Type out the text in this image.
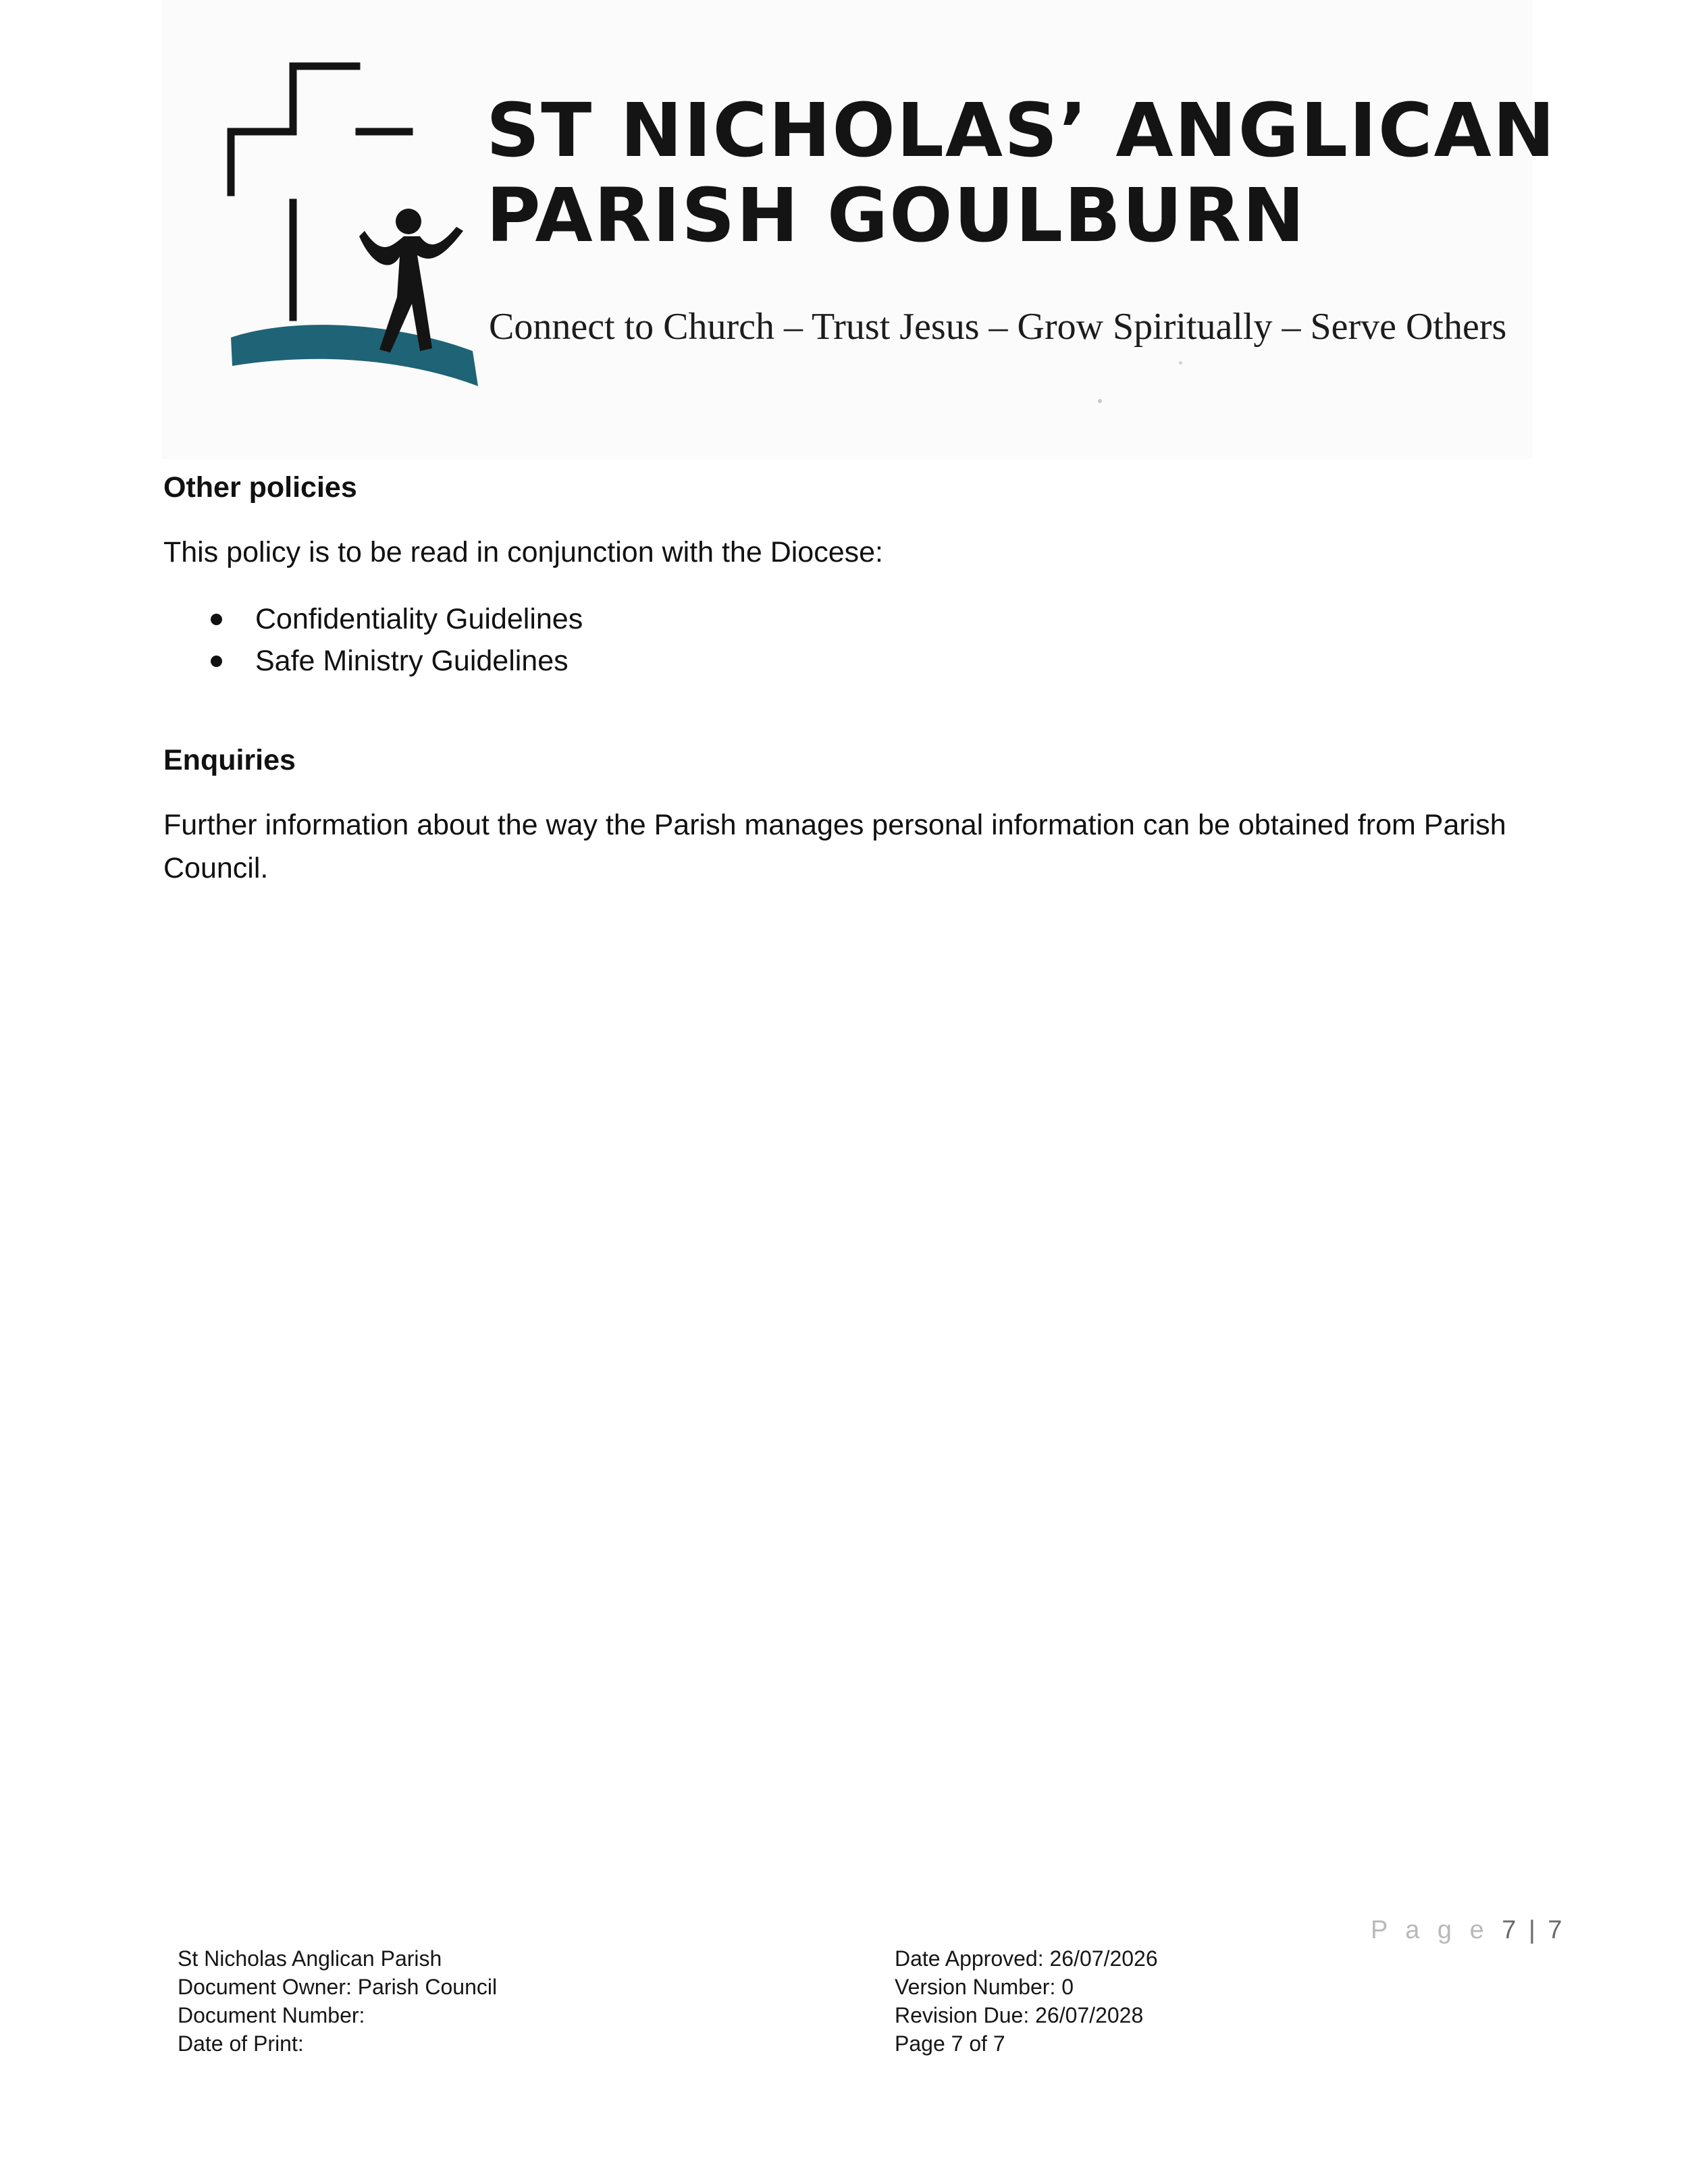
ST NICHOLAS’ ANGLICAN
PARISH GOULBURN
Connect to Church – Trust Jesus – Grow Spiritually – Serve Others

Other policies

This policy is to be read in conjunction with the Diocese:

Confidentiality Guidelines
Safe Ministry Guidelines

Enquiries

Further information about the way the Parish manages personal information can be obtained from Parish Council.

P a g e 7 | 7
St Nicholas Anglican Parish
Document Owner: Parish Council
Document Number:
Date of Print:
Date Approved: 26/07/2026
Version Number: 0
Revision Due: 26/07/2028
Page 7 of 7
